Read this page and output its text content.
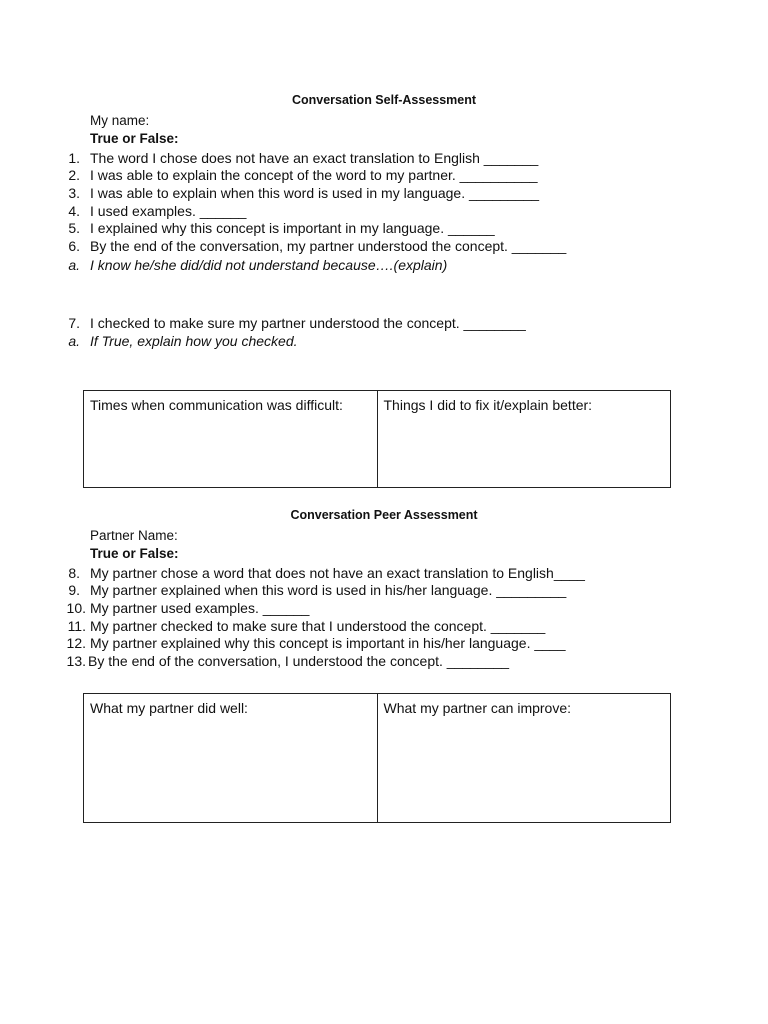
Conversation Self-Assessment
My name:
True or False:
1. The word I chose does not have an exact translation to English _______
2. I was able to explain the concept of the word to my partner. __________
3. I was able to explain when this word is used in my language. _________
4. I used examples. ______
5. I explained why this concept is important in my language. ______
6. By the end of the conversation, my partner understood the concept. _______
a. I know he/she did/did not understand because….(explain)
7. I checked to make sure my partner understood the concept. ________
a. If True, explain how you checked.
Times when communication was difficult:	Things I did to fix it/explain better:
Conversation Peer Assessment
Partner Name:
True or False:
8. My partner chose a word that does not have an exact translation to English____
9. My partner explained when this word is used in his/her language. _________
10. My partner used examples. ______
11. My partner checked to make sure that I understood the concept. _______
12. My partner explained why this concept is important in his/her language. ____
13. By the end of the conversation, I understood the concept. ________
What my partner did well:	What my partner can improve:
